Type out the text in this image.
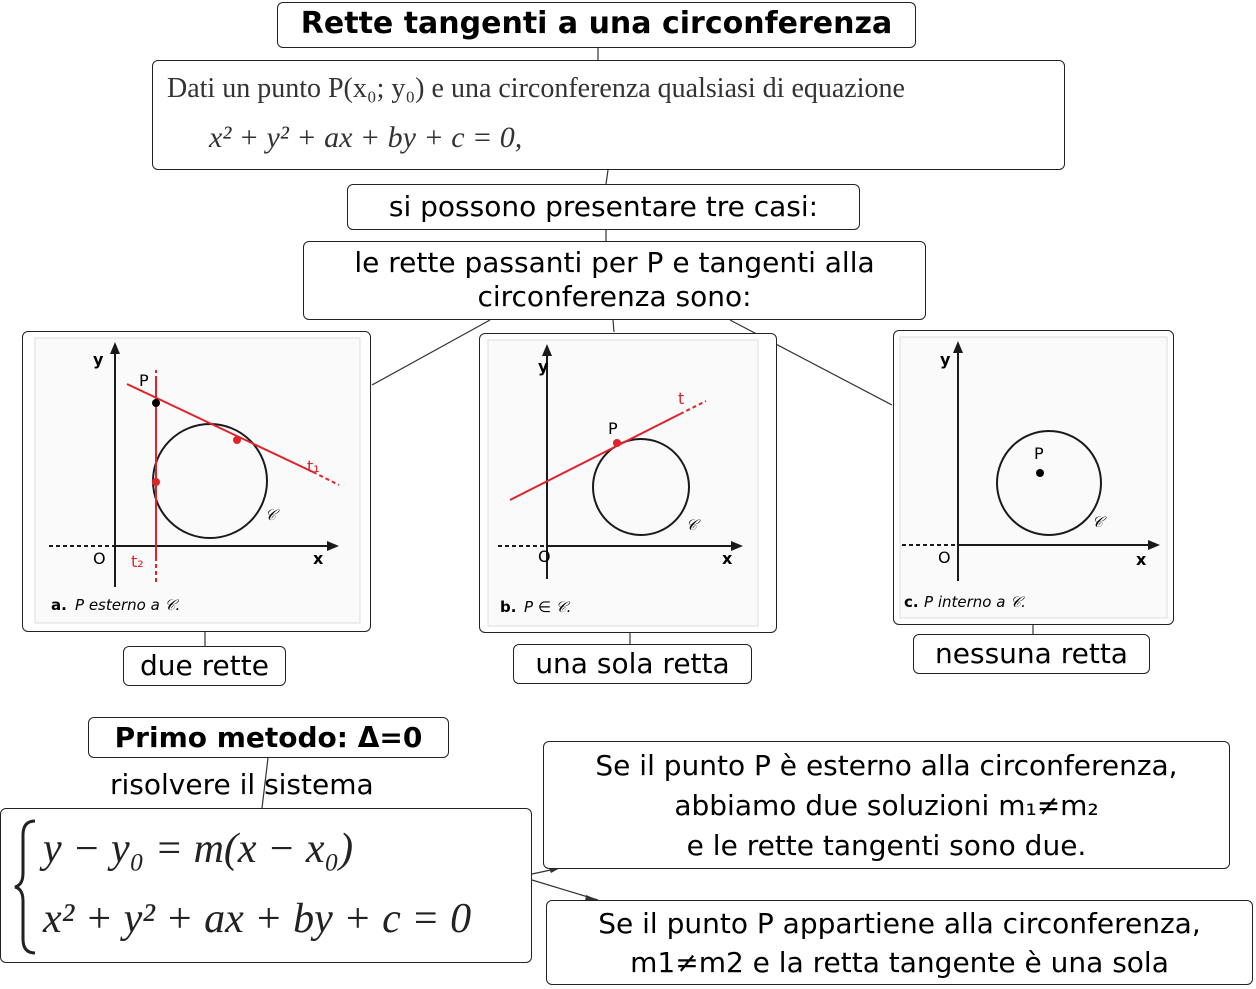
Rette tangenti a una circonferenza
Dati un punto P(x₀; y₀) e una circonferenza qualsiasi di equazione
x² + y² + ax + by + c = 0,
si possono presentare tre casi:
le rette passanti per P e tangenti alla
circonferenza sono:
y
x
O
P
t₁
t₂
𝒞
a. P esterno a 𝒞.
y
x
O
P
t
𝒞
b. P ∈ 𝒞.
y
x
O
P
𝒞
c. P interno a 𝒞.
due rette	una sola retta	nessuna retta
Primo metodo: Δ=0
risolvere il sistema
y − y₀ = m(x − x₀)
x² + y² + ax + by + c = 0
Se il punto P è esterno alla circonferenza,
abbiamo due soluzioni m₁≠m₂
e le rette tangenti sono due.
Se il punto P appartiene alla circonferenza,
m1≠m2 e la retta tangente è una sola
